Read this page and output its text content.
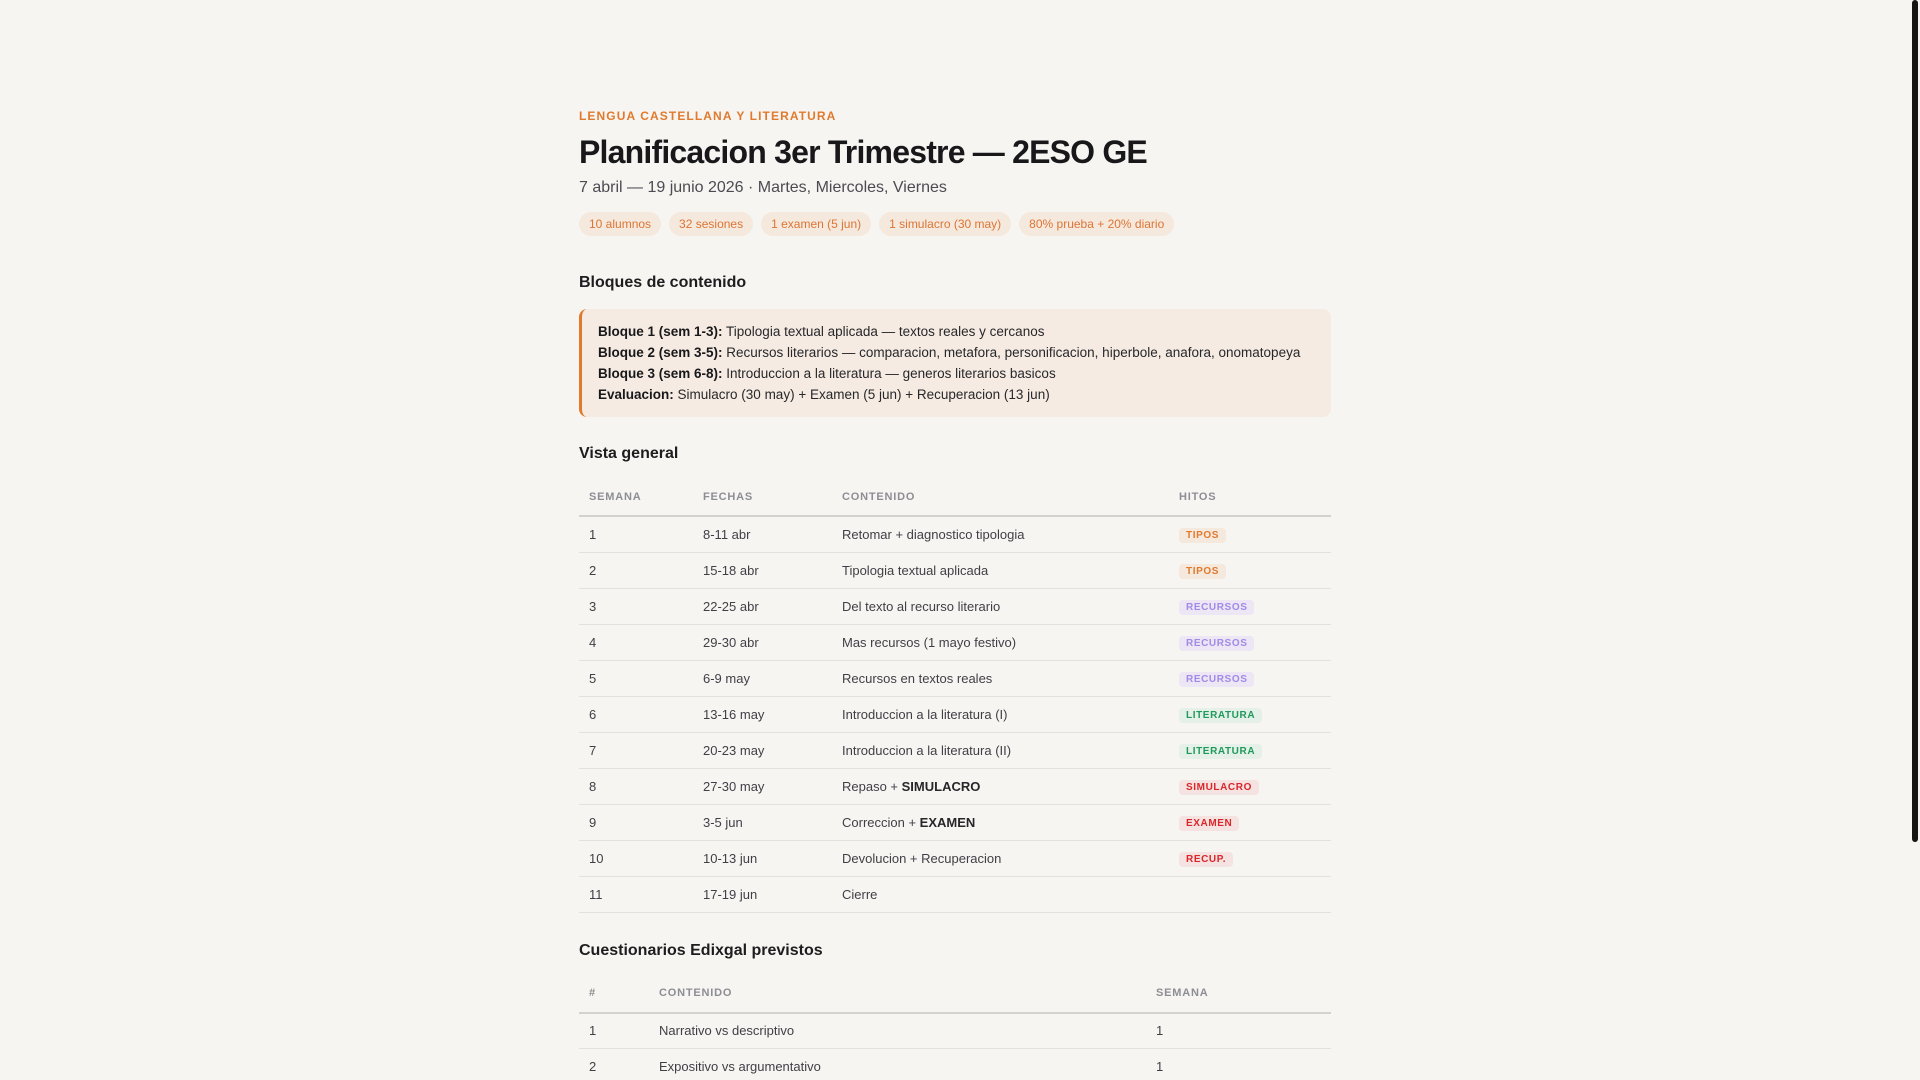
LENGUA CASTELLANA Y LITERATURA
Planificacion 3er Trimestre — 2ESO GE
7 abril — 19 junio 2026 · Martes, Miercoles, Viernes
10 alumnos	32 sesiones	1 examen (5 jun)	1 simulacro (30 may)	80% prueba + 20% diario
Bloques de contenido
Bloque 1 (sem 1-3): Tipologia textual aplicada — textos reales y cercanos
Bloque 2 (sem 3-5): Recursos literarios — comparacion, metafora, personificacion, hiperbole, anafora, onomatopeya
Bloque 3 (sem 6-8): Introduccion a la literatura — generos literarios basicos
Evaluacion: Simulacro (30 may) + Examen (5 jun) + Recuperacion (13 jun)
Vista general
SEMANA	FECHAS	CONTENIDO	HITOS
1	8-11 abr	Retomar + diagnostico tipologia	TIPOS
2	15-18 abr	Tipologia textual aplicada	TIPOS
3	22-25 abr	Del texto al recurso literario	RECURSOS
4	29-30 abr	Mas recursos (1 mayo festivo)	RECURSOS
5	6-9 may	Recursos en textos reales	RECURSOS
6	13-16 may	Introduccion a la literatura (I)	LITERATURA
7	20-23 may	Introduccion a la literatura (II)	LITERATURA
8	27-30 may	Repaso + SIMULACRO	SIMULACRO
9	3-5 jun	Correccion + EXAMEN	EXAMEN
10	10-13 jun	Devolucion + Recuperacion	RECUP.
11	17-19 jun	Cierre	
Cuestionarios Edixgal previstos
#	CONTENIDO	SEMANA
1	Narrativo vs descriptivo	1
2	Expositivo vs argumentativo	1
